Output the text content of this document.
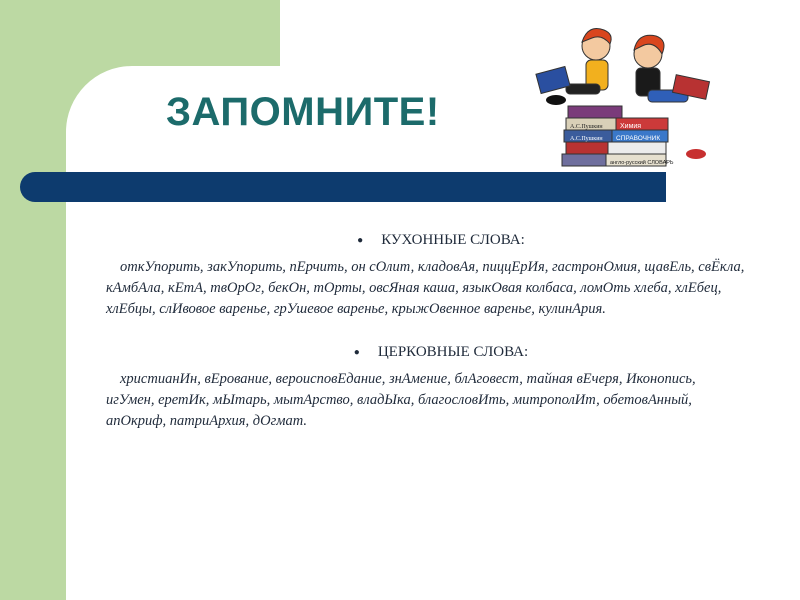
ЗАПОМНИТЕ!	А.С.Пушкин
А.С.Пушкин
Химия
СПРАВОЧНИК
англо-русский СЛОВАРЬ

● КУХОННЫЕ СЛОВА:

откУпорить, закУпорить, пЕрчить, он сОлит, кладовАя, пиццЕрИя, гастронОмия, щавЕль, свЁкла, кАмбАла, кЕтА, твОрОг, бекОн, тОрты, овсЯная каша, языкОвая колбаса, ломОть хлеба, хлЕбец, хлЕбцы, слИвовое варенье, грУшевое варенье, крыжОвенное варенье, кулинАрия.

● ЦЕРКОВНЫЕ СЛОВА:

христианИн, вЕрование, вероисповЕдание, знАмение, блАговест, тайная вЕчеря, Иконопись, игУмен, еретИк, мЫтарь, мытАрство, владЫка, благословИть, митрополИт, обетовАнный, апОкриф, патриАрхия, дОгмат.
